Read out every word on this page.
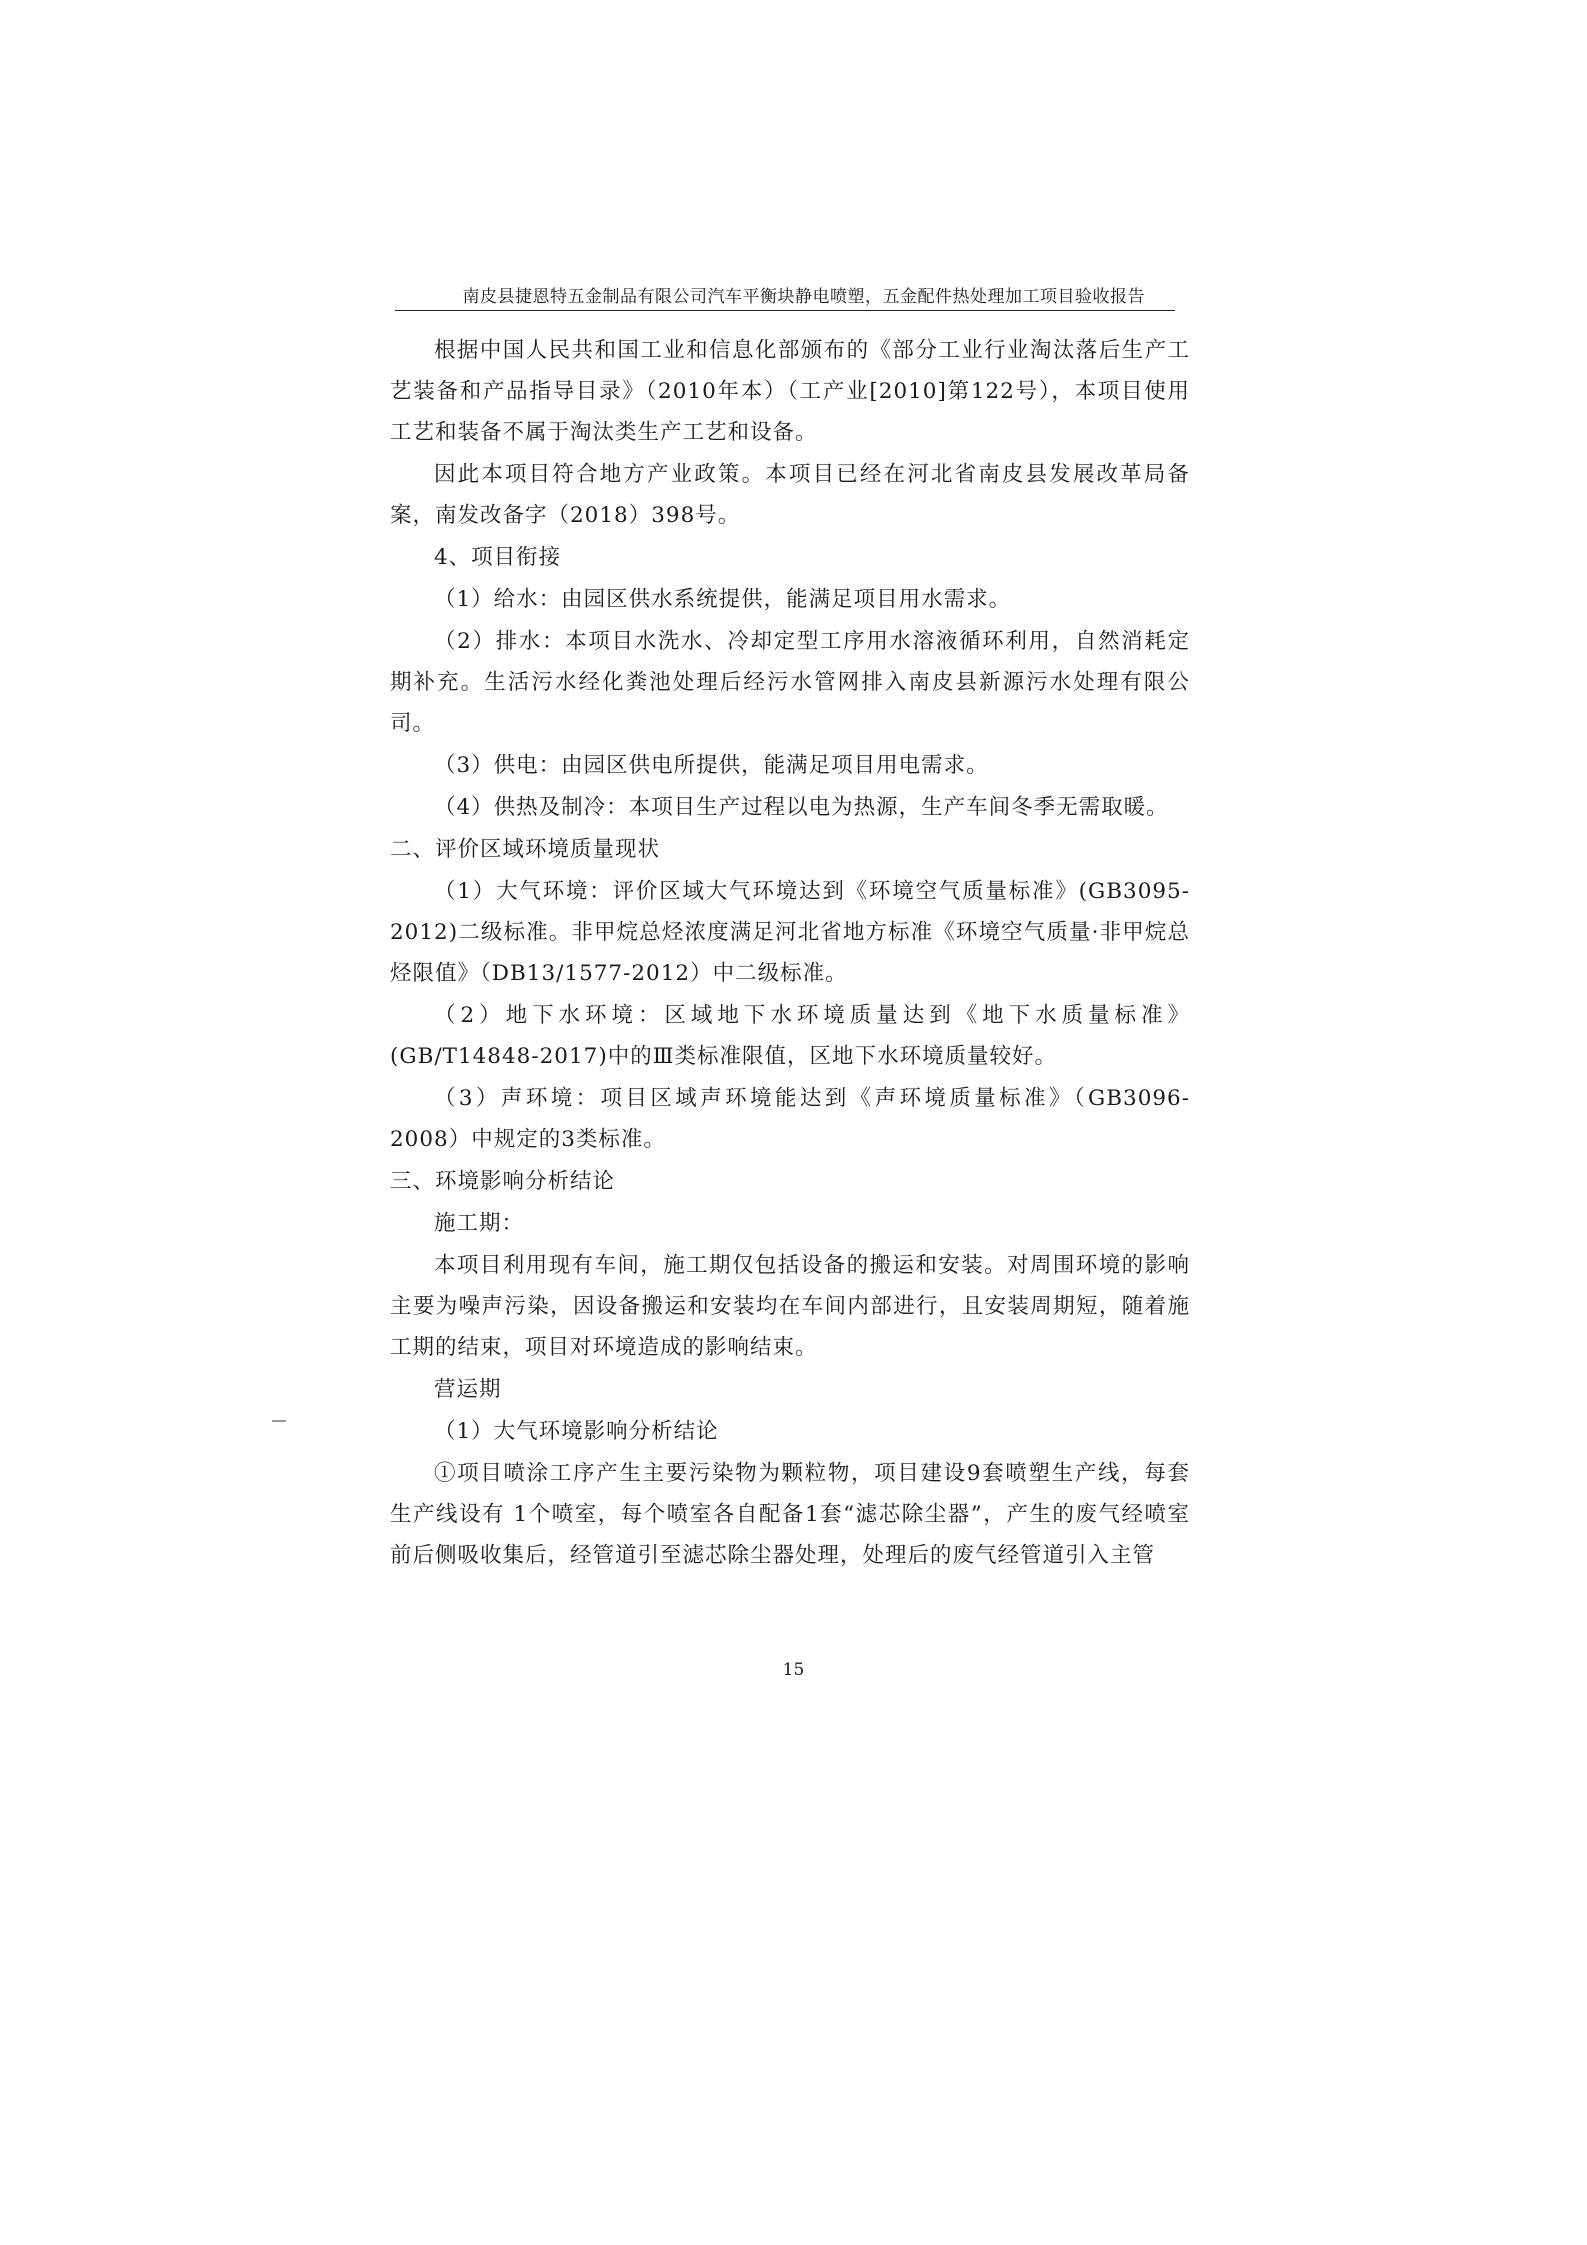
南皮县捷恩特五金制品有限公司汽车平衡块静电喷塑，五金配件热处理加工项目验收报告

根据中国人民共和国工业和信息化部颁布的《部分工业行业淘汰落后生产工艺装备和产品指导目录》（2010年本）（工产业[2010]第122号），本项目使用工艺和装备不属于淘汰类生产工艺和设备。

因此本项目符合地方产业政策。本项目已经在河北省南皮县发展改革局备案，南发改备字（2018）398号。

4、项目衔接

（1）给水：由园区供水系统提供，能满足项目用水需求。

（2）排水：本项目水洗水、冷却定型工序用水溶液循环利用，自然消耗定期补充。生活污水经化粪池处理后经污水管网排入南皮县新源污水处理有限公司。

（3）供电：由园区供电所提供，能满足项目用电需求。

（4）供热及制冷：本项目生产过程以电为热源，生产车间冬季无需取暖。

二、评价区域环境质量现状

（1）大气环境：评价区域大气环境达到《环境空气质量标准》(GB3095-2012)二级标准。非甲烷总烃浓度满足河北省地方标准《环境空气质量·非甲烷总烃限值》（DB13/1577-2012）中二级标准。

（2）地下水环境：区域地下水环境质量达到《地下水质量标准》(GB/T14848-2017)中的Ⅲ类标准限值，区地下水环境质量较好。

（3）声环境：项目区域声环境能达到《声环境质量标准》（GB3096-2008）中规定的3类标准。

三、环境影响分析结论

施工期：

本项目利用现有车间，施工期仅包括设备的搬运和安装。对周围环境的影响主要为噪声污染，因设备搬运和安装均在车间内部进行，且安装周期短，随着施工期的结束，项目对环境造成的影响结束。

营运期

（1）大气环境影响分析结论

①项目喷涂工序产生主要污染物为颗粒物，项目建设9套喷塑生产线，每套生产线设有 1个喷室，每个喷室各自配备1套“滤芯除尘器”，产生的废气经喷室前后侧吸收集后，经管道引至滤芯除尘器处理，处理后的废气经管道引入主管

15
